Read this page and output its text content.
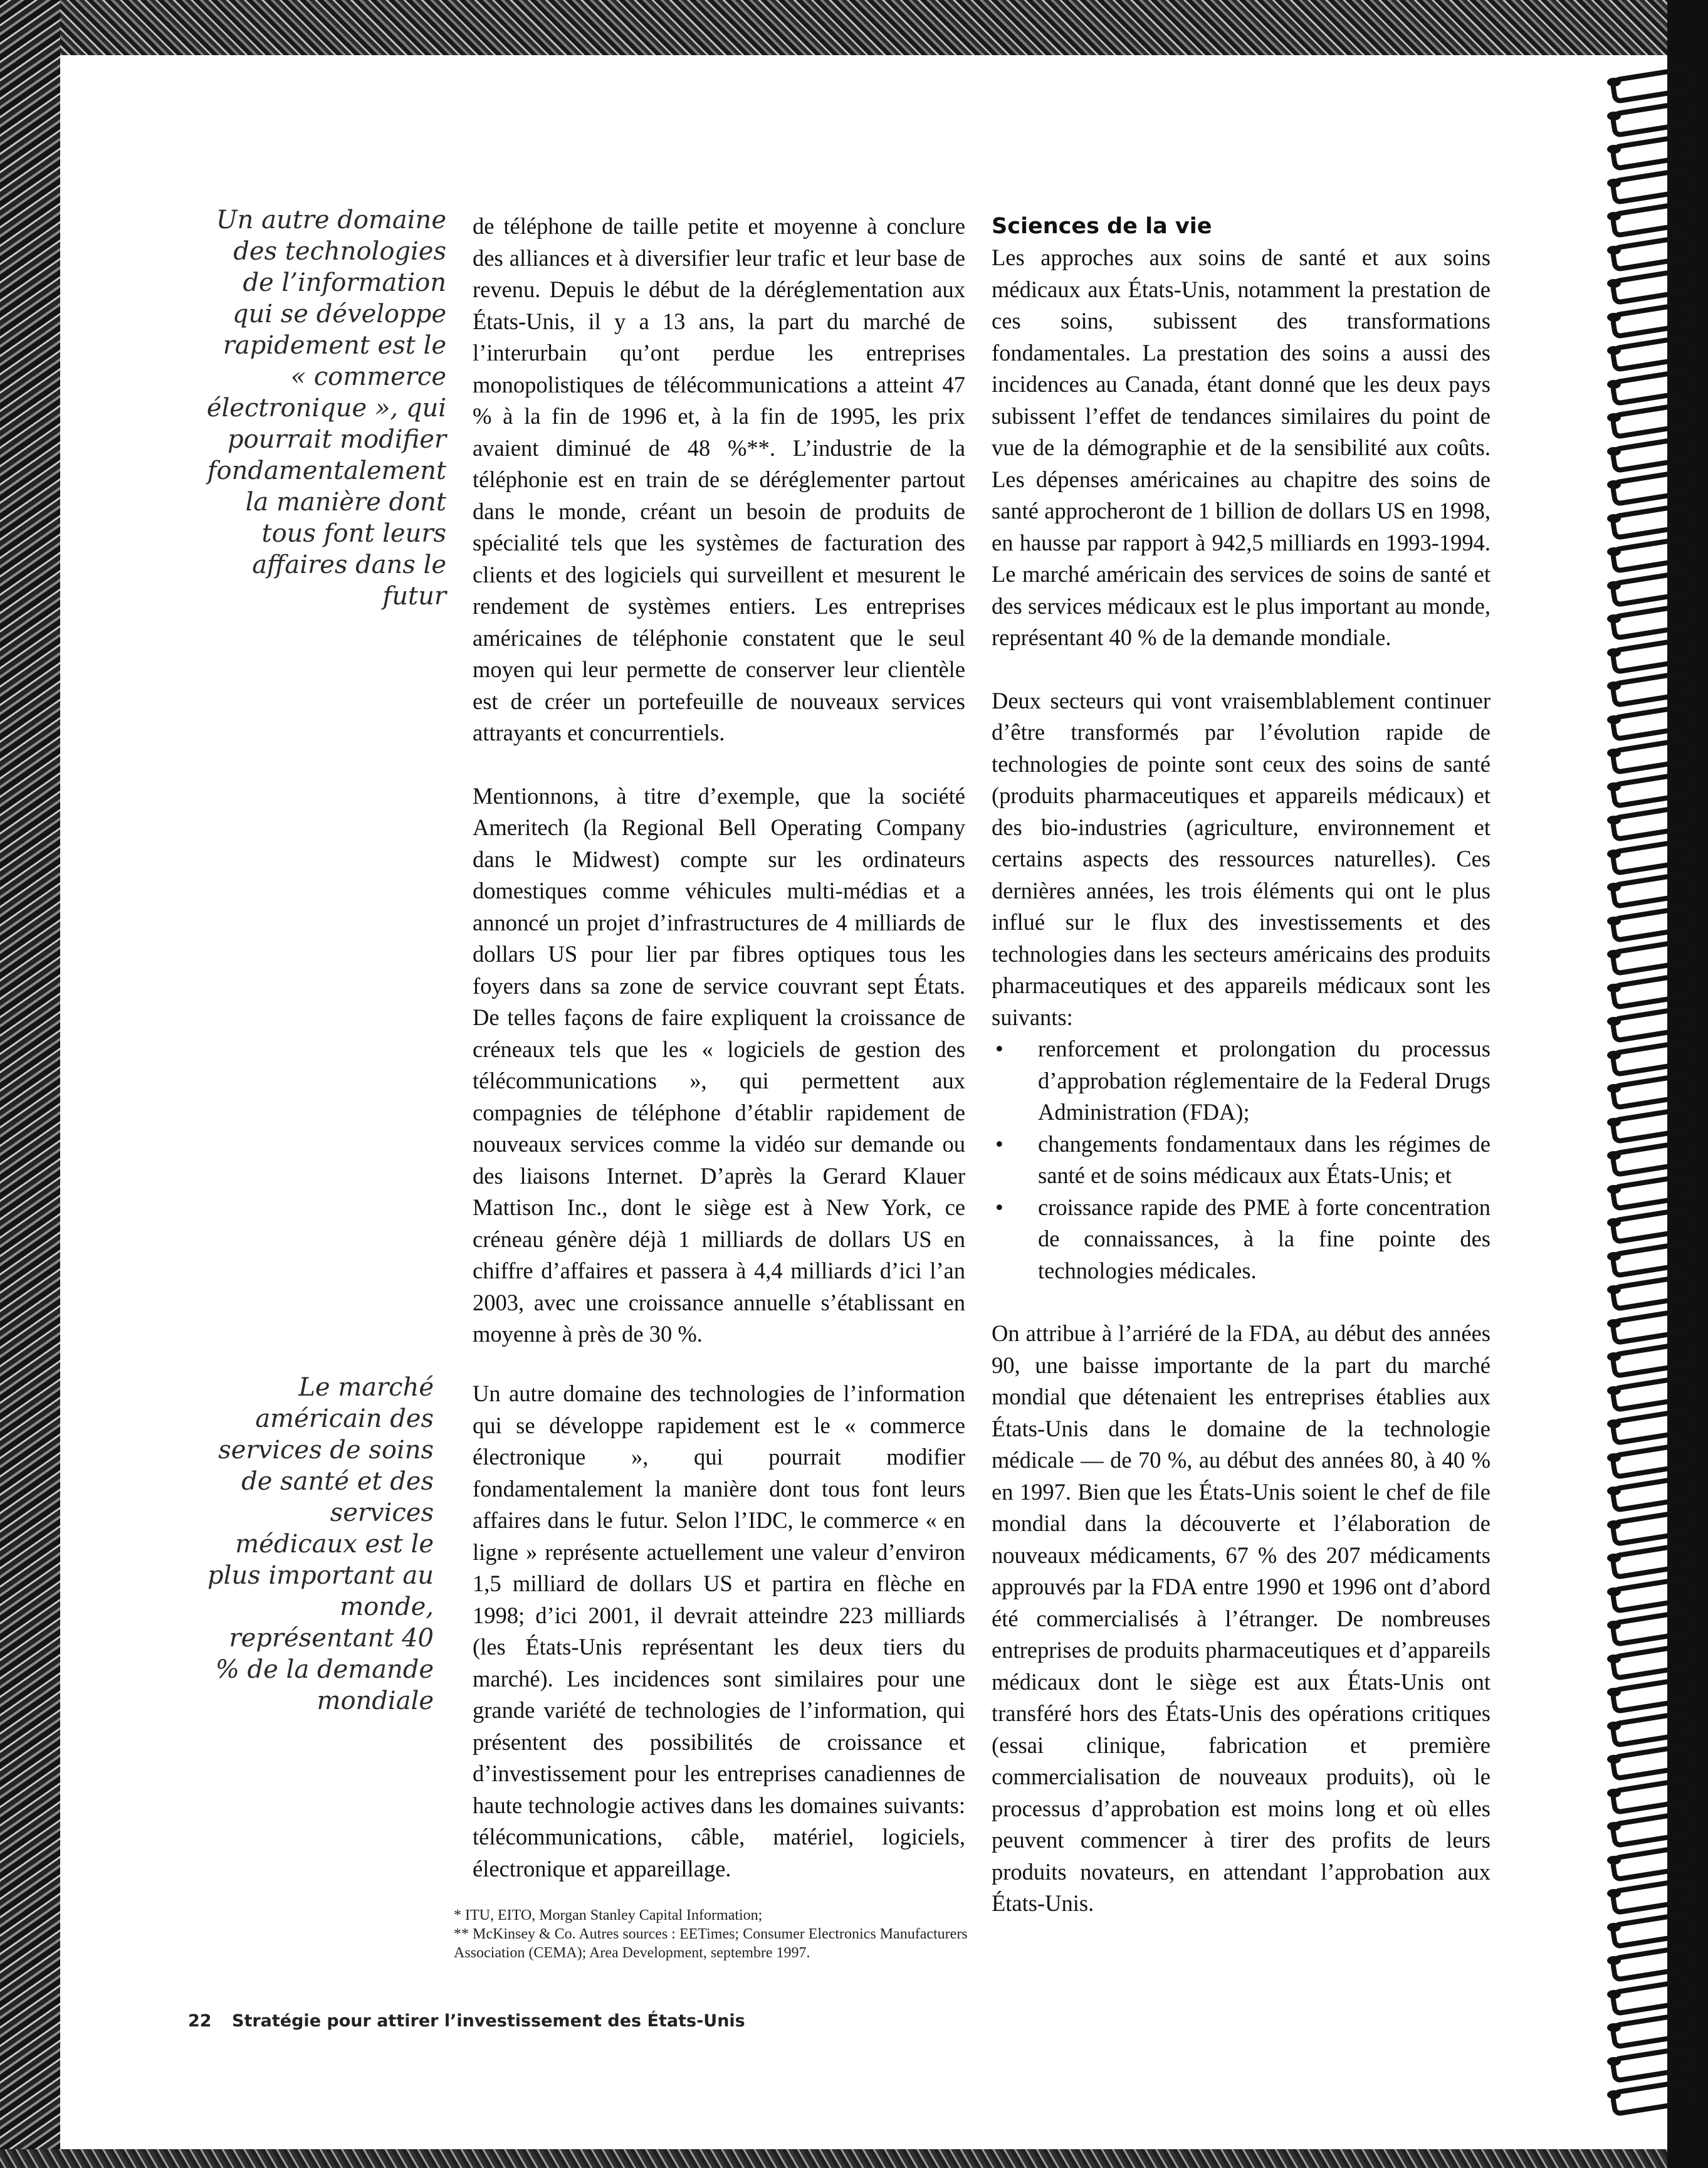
Un autre domaine des technologies de l’information qui se développe rapidement est le « commerce électronique », qui pourrait modifier fondamentalement la manière dont tous font leurs affaires dans le futur
Le marché américain des services de soins de santé et des services médicaux est le plus important au monde, représentant 40 % de la demande mondiale

de téléphone de taille petite et moyenne à conclure des alliances et à diversifier leur trafic et leur base de revenu. Depuis le début de la déréglementation aux États-Unis, il y a 13 ans, la part du marché de l’interurbain qu’ont perdue les entreprises monopolistiques de télécommunications a atteint 47 % à la fin de 1996 et, à la fin de 1995, les prix avaient diminué de 48 %**. L’industrie de la téléphonie est en train de se déréglementer partout dans le monde, créant un besoin de produits de spécialité tels que les systèmes de facturation des clients et des logiciels qui surveillent et mesurent le rendement de systèmes entiers. Les entreprises américaines de téléphonie constatent que le seul moyen qui leur permette de conserver leur clientèle est de créer un portefeuille de nouveaux services attrayants et concurrentiels.

Mentionnons, à titre d’exemple, que la société Ameritech (la Regional Bell Operating Company dans le Midwest) compte sur les ordinateurs domestiques comme véhicules multi-médias et a annoncé un projet d’infrastructures de 4 milliards de dollars US pour lier par fibres optiques tous les foyers dans sa zone de service couvrant sept États. De telles façons de faire expliquent la croissance de créneaux tels que les « logiciels de gestion des télécommunications », qui permettent aux compagnies de téléphone d’établir rapidement de nouveaux services comme la vidéo sur demande ou des liaisons Internet. D’après la Gerard Klauer Mattison Inc., dont le siège est à New York, ce créneau génère déjà 1 milliards de dollars US en chiffre d’affaires et passera à 4,4 milliards d’ici l’an 2003, avec une croissance annuelle s’établissant en moyenne à près de 30 %.

Un autre domaine des technologies de l’information qui se développe rapidement est le « commerce électronique », qui pourrait modifier fondamentalement la manière dont tous font leurs affaires dans le futur. Selon l’IDC, le commerce « en ligne » représente actuellement une valeur d’environ 1,5 milliard de dollars US et partira en flèche en 1998; d’ici 2001, il devrait atteindre 223 milliards (les États-Unis représentant les deux tiers du marché). Les incidences sont similaires pour une grande variété de technologies de l’information, qui présentent des possibilités de croissance et d’investissement pour les entreprises canadiennes de haute technologie actives dans les domaines suivants: télécommunications, câble, matériel, logiciels, électronique et appareillage.

Sciences de la vie

Les approches aux soins de santé et aux soins médicaux aux États-Unis, notamment la prestation de ces soins, subissent des transformations fondamentales. La prestation des soins a aussi des incidences au Canada, étant donné que les deux pays subissent l’effet de tendances similaires du point de vue de la démographie et de la sensibilité aux coûts. Les dépenses américaines au chapitre des soins de santé approcheront de 1 billion de dollars US en 1998, en hausse par rapport à 942,5 milliards en 1993-1994. Le marché américain des services de soins de santé et des services médicaux est le plus important au monde, représentant 40 % de la demande mondiale.

Deux secteurs qui vont vraisemblablement continuer d’être transformés par l’évolution rapide de technologies de pointe sont ceux des soins de santé (produits pharmaceutiques et appareils médicaux) et des bio-industries (agriculture, environnement et certains aspects des ressources naturelles). Ces dernières années, les trois éléments qui ont le plus influé sur le flux des investissements et des technologies dans les secteurs américains des produits pharmaceutiques et des appareils médicaux sont les suivants:

• renforcement et prolongation du processus d’approbation réglementaire de la Federal Drugs Administration (FDA);
• changements fondamentaux dans les régimes de santé et de soins médicaux aux États-Unis; et
• croissance rapide des PME à forte concentration de connaissances, à la fine pointe des technologies médicales.

On attribue à l’arriéré de la FDA, au début des années 90, une baisse importante de la part du marché mondial que détenaient les entreprises établies aux États-Unis dans le domaine de la technologie médicale — de 70 %, au début des années 80, à 40 % en 1997. Bien que les États-Unis soient le chef de file mondial dans la découverte et l’élaboration de nouveaux médicaments, 67 % des 207 médicaments approuvés par la FDA entre 1990 et 1996 ont d’abord été commercialisés à l’étranger. De nombreuses entreprises de produits pharmaceutiques et d’appareils médicaux dont le siège est aux États-Unis ont transféré hors des États-Unis des opérations critiques (essai clinique, fabrication et première commercialisation de nouveaux produits), où le processus d’approbation est moins long et où elles peuvent commencer à tirer des profits de leurs produits novateurs, en attendant l’approbation aux États-Unis.

* ITU, EITO, Morgan Stanley Capital Information;
** McKinsey & Co. Autres sources : EETimes; Consumer Electronics Manufacturers Association (CEMA); Area Development, septembre 1997.
22 Stratégie pour attirer l’investissement des États-Unis
